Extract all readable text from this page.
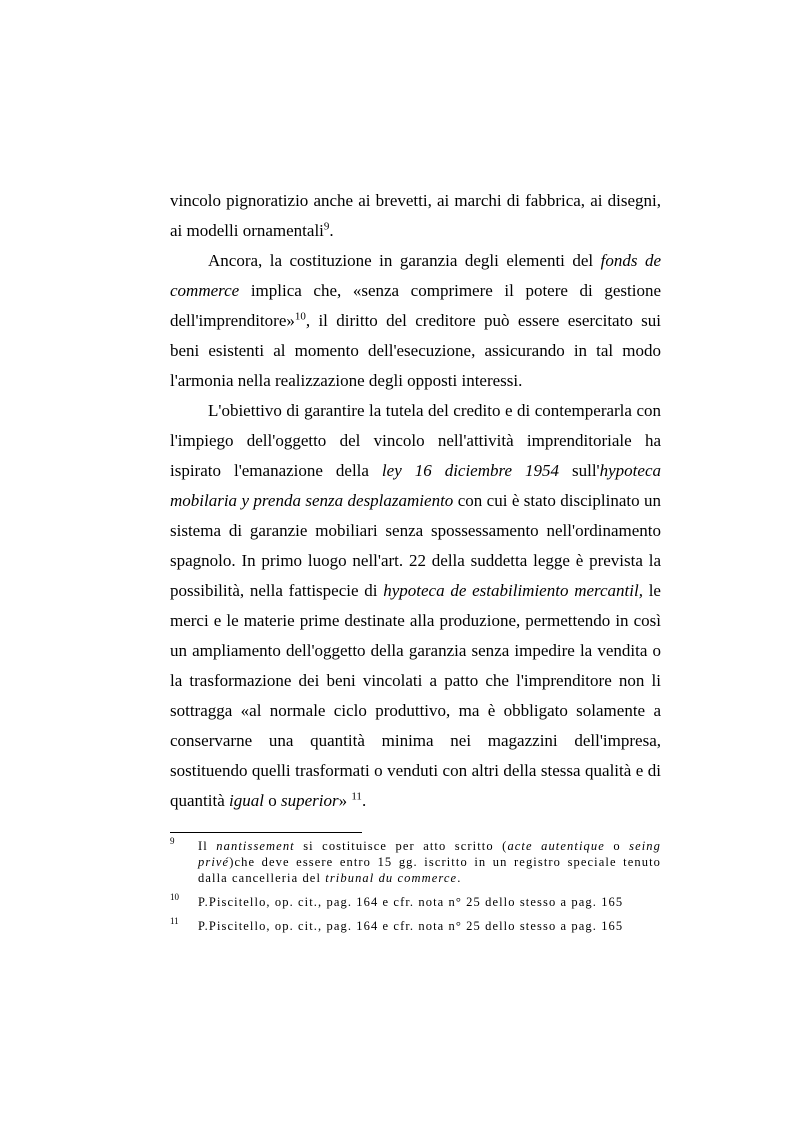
vincolo pignoratizio anche ai brevetti, ai marchi di fabbrica, ai disegni, ai modelli ornamentali$^9$.

Ancora, la costituzione in garanzia degli elementi del fonds de commerce implica che, «senza comprimere il potere di gestione dell'imprenditore»$^{10}$, il diritto del creditore può essere esercitato sui beni esistenti al momento dell'esecuzione, assicurando in tal modo l'armonia nella realizzazione degli opposti interessi.

L'obiettivo di garantire la tutela del credito e di contemperarla con l'impiego dell'oggetto del vincolo nell'attività imprenditoriale ha ispirato l'emanazione della ley 16 diciembre 1954 sull'hypoteca mobilaria y prenda senza desplazamiento con cui è stato disciplinato un sistema di garanzie mobiliari senza spossessamento nell'ordinamento spagnolo. In primo luogo nell'art. 22 della suddetta legge è prevista la possibilità, nella fattispecie di hypoteca de estabilimiento mercantil, le merci e le materie prime destinate alla produzione, permettendo in così un ampliamento dell'oggetto della garanzia senza impedire la vendita o la trasformazione dei beni vincolati a patto che l'imprenditore non li sottragga «al normale ciclo produttivo, ma è obbligato solamente a conservarne una quantità minima nei magazzini dell'impresa, sostituendo quelli trasformati o venduti con altri della stessa qualità e di quantità igual o superior» $^{11}$.

9 Il nantissement si costituisce per atto scritto (acte autentique o seing privé)che deve essere entro 15 gg. iscritto in un registro speciale tenuto dalla cancelleria del tribunal du commerce.
10 P.Piscitello, op. cit., pag. 164 e cfr. nota n° 25 dello stesso a pag. 165
11 P.Piscitello, op. cit., pag. 164 e cfr. nota n° 25 dello stesso a pag. 165
